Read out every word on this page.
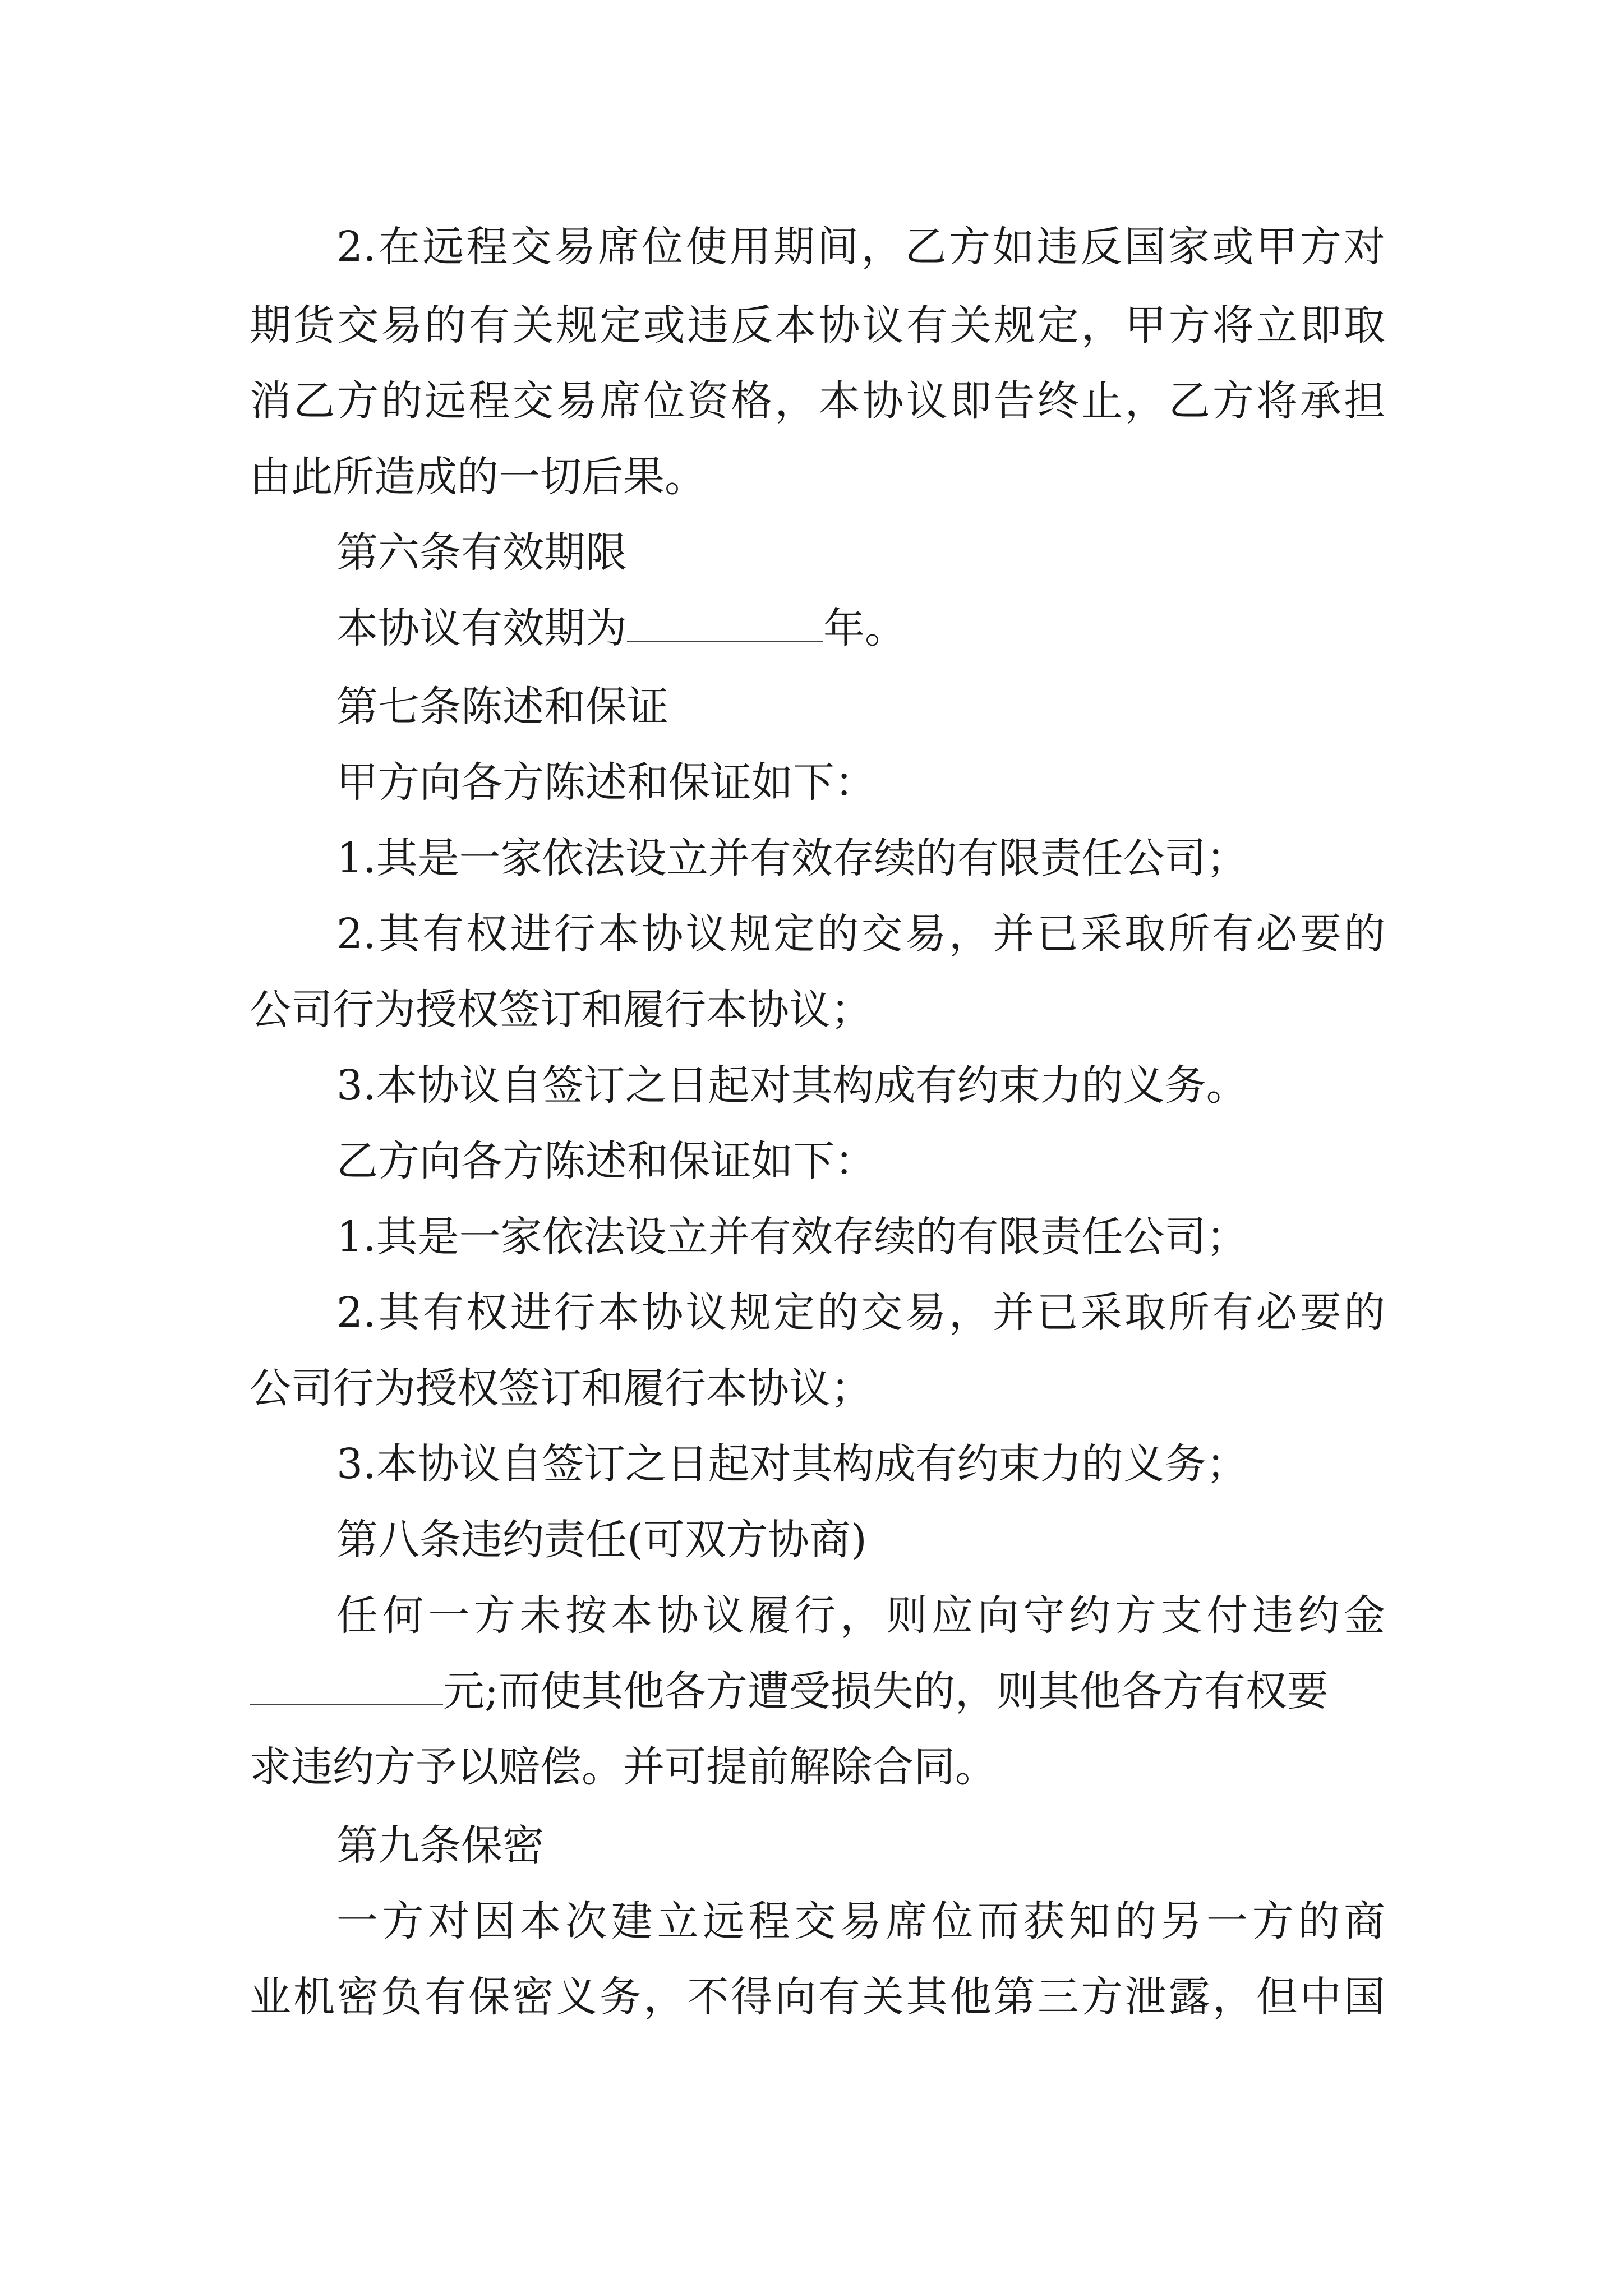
2.在远程交易席位使用期间，乙方如违反国家或甲方对
期货交易的有关规定或违反本协议有关规定，甲方将立即取
消乙方的远程交易席位资格，本协议即告终止，乙方将承担
由此所造成的一切后果。
第六条有效期限
本协议有效期为	年。
第七条陈述和保证
甲方向各方陈述和保证如下：
1.其是一家依法设立并有效存续的有限责任公司；
2.其有权进行本协议规定的交易，并已采取所有必要的
公司行为授权签订和履行本协议；
3.本协议自签订之日起对其构成有约束力的义务。
乙方向各方陈述和保证如下：
1.其是一家依法设立并有效存续的有限责任公司；
2.其有权进行本协议规定的交易，并已采取所有必要的
公司行为授权签订和履行本协议；
3.本协议自签订之日起对其构成有约束力的义务；
第八条违约责任(可双方协商)
任何一方未按本协议履行，则应向守约方支付违约金
元;而使其他各方遭受损失的，则其他各方有权要
求违约方予以赔偿。并可提前解除合同。
第九条保密
一方对因本次建立远程交易席位而获知的另一方的商
业机密负有保密义务，不得向有关其他第三方泄露，但中国
